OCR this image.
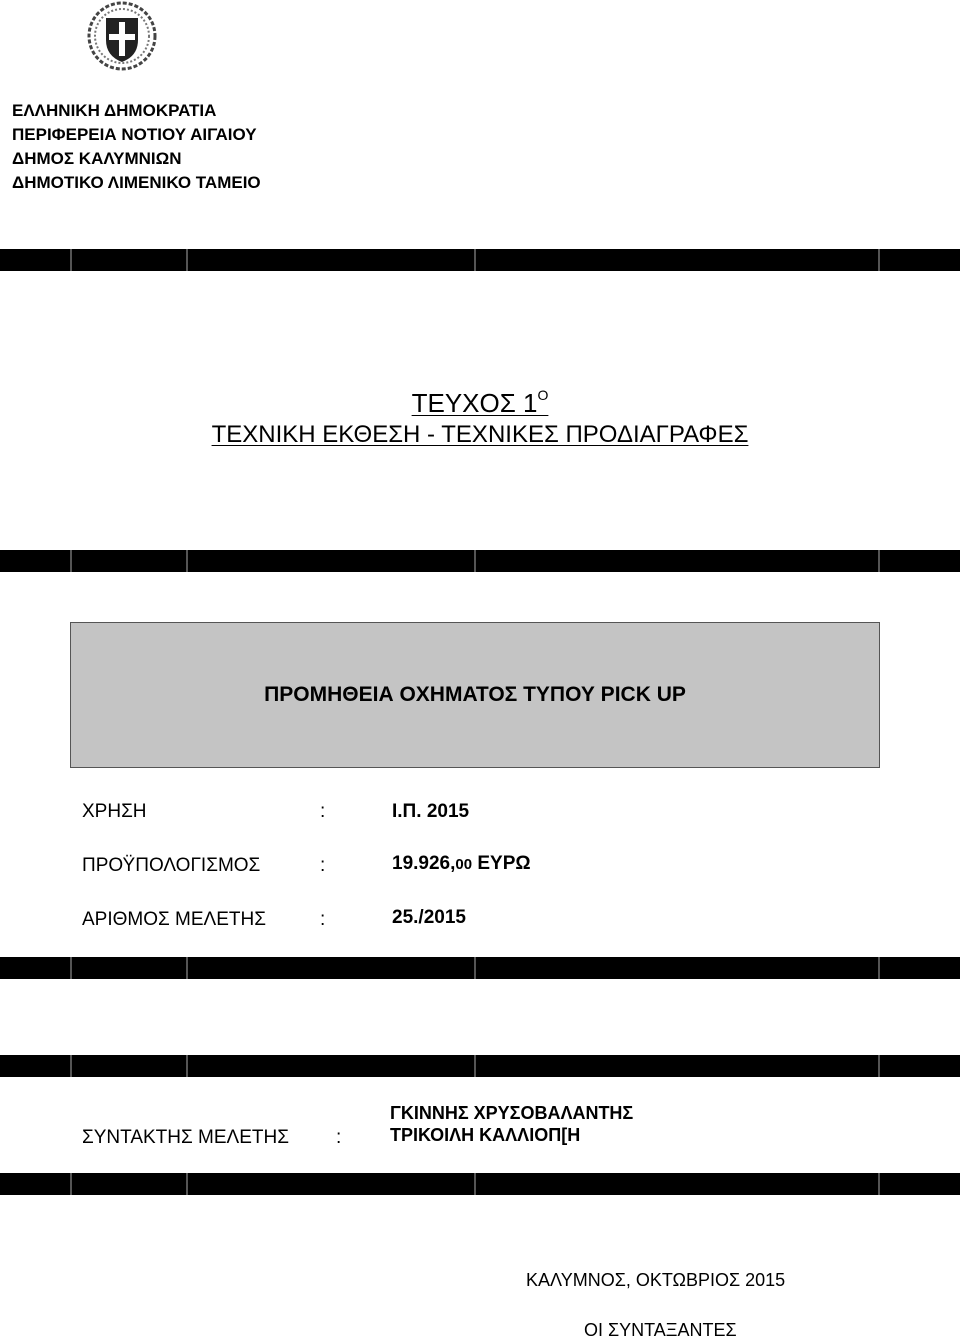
ΕΛΛΗΝΙΚΗ ΔΗΜΟΚΡΑΤΙΑ
ΠΕΡΙΦΕΡΕΙΑ ΝΟΤΙΟΥ ΑΙΓΑΙΟΥ
ΔΗΜΟΣ ΚΑΛΥΜΝΙΩΝ
ΔΗΜΟΤΙΚΟ ΛΙΜΕΝΙΚΟ ΤΑΜΕΙΟ
ΤΕΥΧΟΣ $1^O$
ΤΕΧΝΙΚΗ ΕΚΘΕΣΗ - ΤΕΧΝΙΚΕΣ ΠΡΟΔΙΑΓΡΑΦΕΣ
ΠΡΟΜΗΘΕΙΑ ΟΧΗΜΑΤΟΣ ΤΥΠΟΥ PICK UP
ΧΡΗΣΗ	:	Ι.Π. 2015
ΠΡΟΫΠΟΛΟΓΙΣΜΟΣ	:	19.926,00 ΕΥΡΩ
ΑΡΙΘΜΟΣ ΜΕΛΕΤΗΣ	:	25./2015
ΣΥΝΤΑΚΤΗΣ ΜΕΛΕΤΗΣ :
ΓΚΙΝΝΗΣ ΧΡΥΣΟΒΑΛΑΝΤΗΣ
ΤΡΙΚΟΙΛΗ ΚΑΛΛΙΟΠ[Η
ΚΑΛΥΜΝΟΣ, ΟΚΤΩΒΡΙΟΣ 2015
ΟΙ ΣΥΝΤΑΞΑΝΤΕΣ
